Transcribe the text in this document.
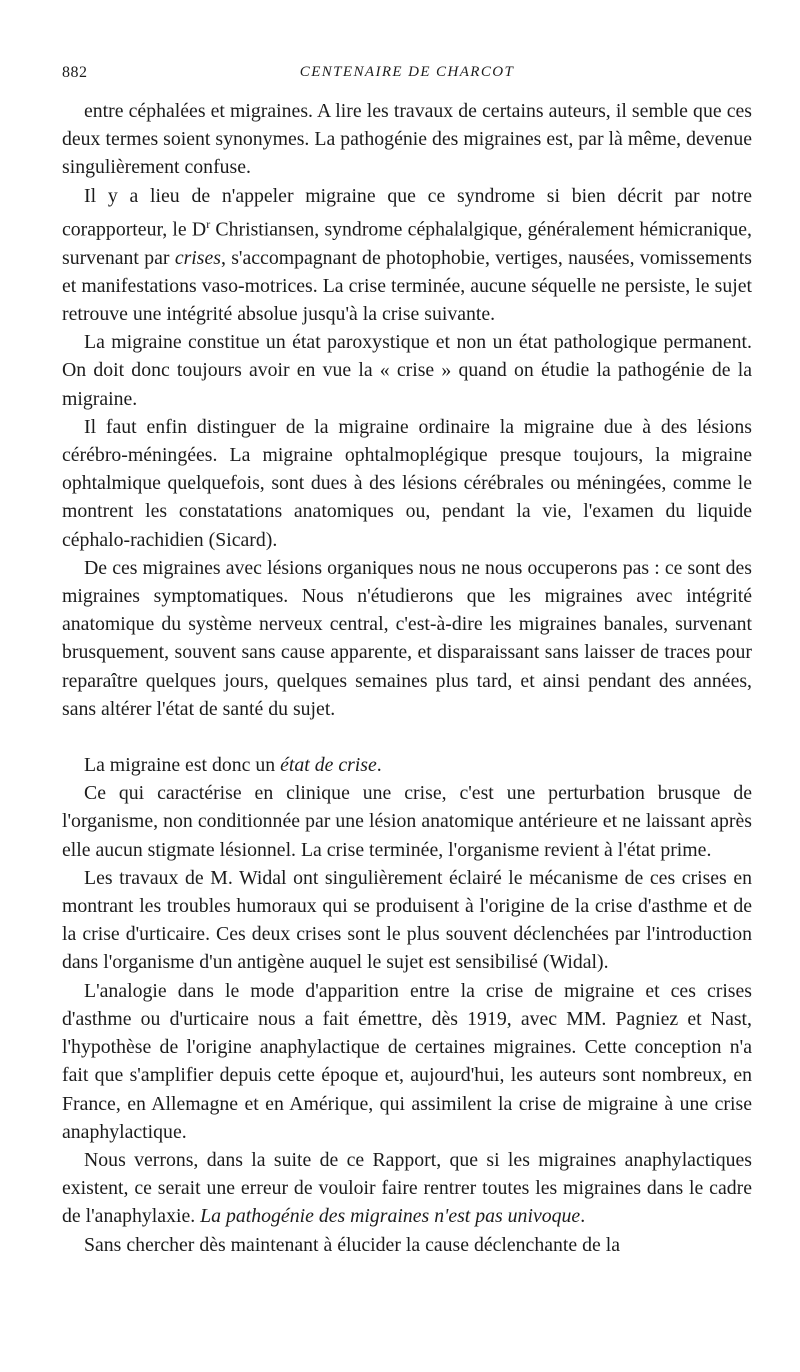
882	CENTENAIRE DE CHARCOT

entre céphalées et migraines. A lire les travaux de certains auteurs, il semble que ces deux termes soient synonymes. La pathogénie des migraines est, par là même, devenue singulièrement confuse.

Il y a lieu de n'appeler migraine que ce syndrome si bien décrit par notre corapporteur, le $D^r$ Christiansen, syndrome céphalalgique, généralement hémicranique, survenant par crises, s'accompagnant de photophobie, vertiges, nausées, vomissements et manifestations vaso-motrices. La crise terminée, aucune séquelle ne persiste, le sujet retrouve une intégrité absolue jusqu'à la crise suivante.

La migraine constitue un état paroxystique et non un état pathologique permanent. On doit donc toujours avoir en vue la « crise » quand on étudie la pathogénie de la migraine.

Il faut enfin distinguer de la migraine ordinaire la migraine due à des lésions cérébro-méningées. La migraine ophtalmoplégique presque toujours, la migraine ophtalmique quelquefois, sont dues à des lésions cérébrales ou méningées, comme le montrent les constatations anatomiques ou, pendant la vie, l'examen du liquide céphalo-rachidien (Sicard).

De ces migraines avec lésions organiques nous ne nous occuperons pas : ce sont des migraines symptomatiques. Nous n'étudierons que les migraines avec intégrité anatomique du système nerveux central, c'est-à-dire les migraines banales, survenant brusquement, souvent sans cause apparente, et disparaissant sans laisser de traces pour reparaître quelques jours, quelques semaines plus tard, et ainsi pendant des années, sans altérer l'état de santé du sujet.

La migraine est donc un état de crise.

Ce qui caractérise en clinique une crise, c'est une perturbation brusque de l'organisme, non conditionnée par une lésion anatomique antérieure et ne laissant après elle aucun stigmate lésionnel. La crise terminée, l'organisme revient à l'état prime.

Les travaux de M. Widal ont singulièrement éclairé le mécanisme de ces crises en montrant les troubles humoraux qui se produisent à l'origine de la crise d'asthme et de la crise d'urticaire. Ces deux crises sont le plus souvent déclenchées par l'introduction dans l'organisme d'un antigène auquel le sujet est sensibilisé (Widal).

L'analogie dans le mode d'apparition entre la crise de migraine et ces crises d'asthme ou d'urticaire nous a fait émettre, dès 1919, avec MM. Pagniez et Nast, l'hypothèse de l'origine anaphylactique de certaines migraines. Cette conception n'a fait que s'amplifier depuis cette époque et, aujourd'hui, les auteurs sont nombreux, en France, en Allemagne et en Amérique, qui assimilent la crise de migraine à une crise anaphylactique.

Nous verrons, dans la suite de ce Rapport, que si les migraines anaphylactiques existent, ce serait une erreur de vouloir faire rentrer toutes les migraines dans le cadre de l'anaphylaxie. La pathogénie des migraines n'est pas univoque.

Sans chercher dès maintenant à élucider la cause déclenchante de la
